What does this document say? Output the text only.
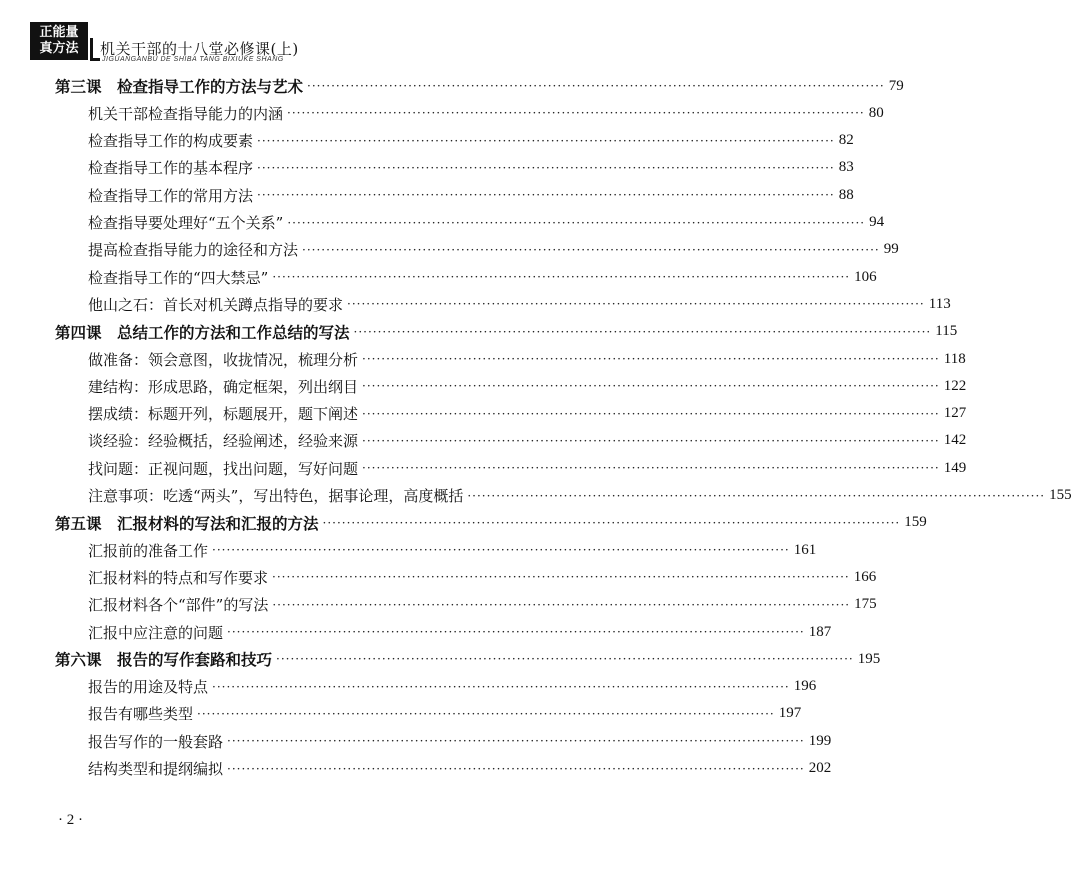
正能量
真方法	机关干部的十八堂必修课(上)
JIGUANGANBU DE SHIBA TANG BIXIUKE SHANG
第三课　检查指导工作的方法与艺术 ························································································································ 79
机关干部检查指导能力的内涵 ························································································································ 80
检查指导工作的构成要素 ························································································································ 82
检查指导工作的基本程序 ························································································································ 83
检查指导工作的常用方法 ························································································································ 88
检查指导要处理好“五个关系” ························································································································ 94
提高检查指导能力的途径和方法 ························································································································ 99
检查指导工作的“四大禁忌” ························································································································ 106
他山之石：首长对机关蹲点指导的要求 ························································································································ 113
第四课　总结工作的方法和工作总结的写法 ························································································································ 115
做准备：领会意图，收拢情况，梳理分析 ························································································································ 118
建结构：形成思路，确定框架，列出纲目 ························································································································ 122
摆成绩：标题开列，标题展开，题下阐述 ························································································································ 127
谈经验：经验概括，经验阐述，经验来源 ························································································································ 142
找问题：正视问题，找出问题，写好问题 ························································································································ 149
注意事项：吃透“两头”，写出特色，据事论理，高度概括 ························································································································ 155
第五课　汇报材料的写法和汇报的方法 ························································································································ 159
汇报前的准备工作 ························································································································ 161
汇报材料的特点和写作要求 ························································································································ 166
汇报材料各个“部件”的写法 ························································································································ 175
汇报中应注意的问题 ························································································································ 187
第六课　报告的写作套路和技巧 ························································································································ 195
报告的用途及特点 ························································································································ 196
报告有哪些类型 ························································································································ 197
报告写作的一般套路 ························································································································ 199
结构类型和提纲编拟 ························································································································ 202
· 2 ·
